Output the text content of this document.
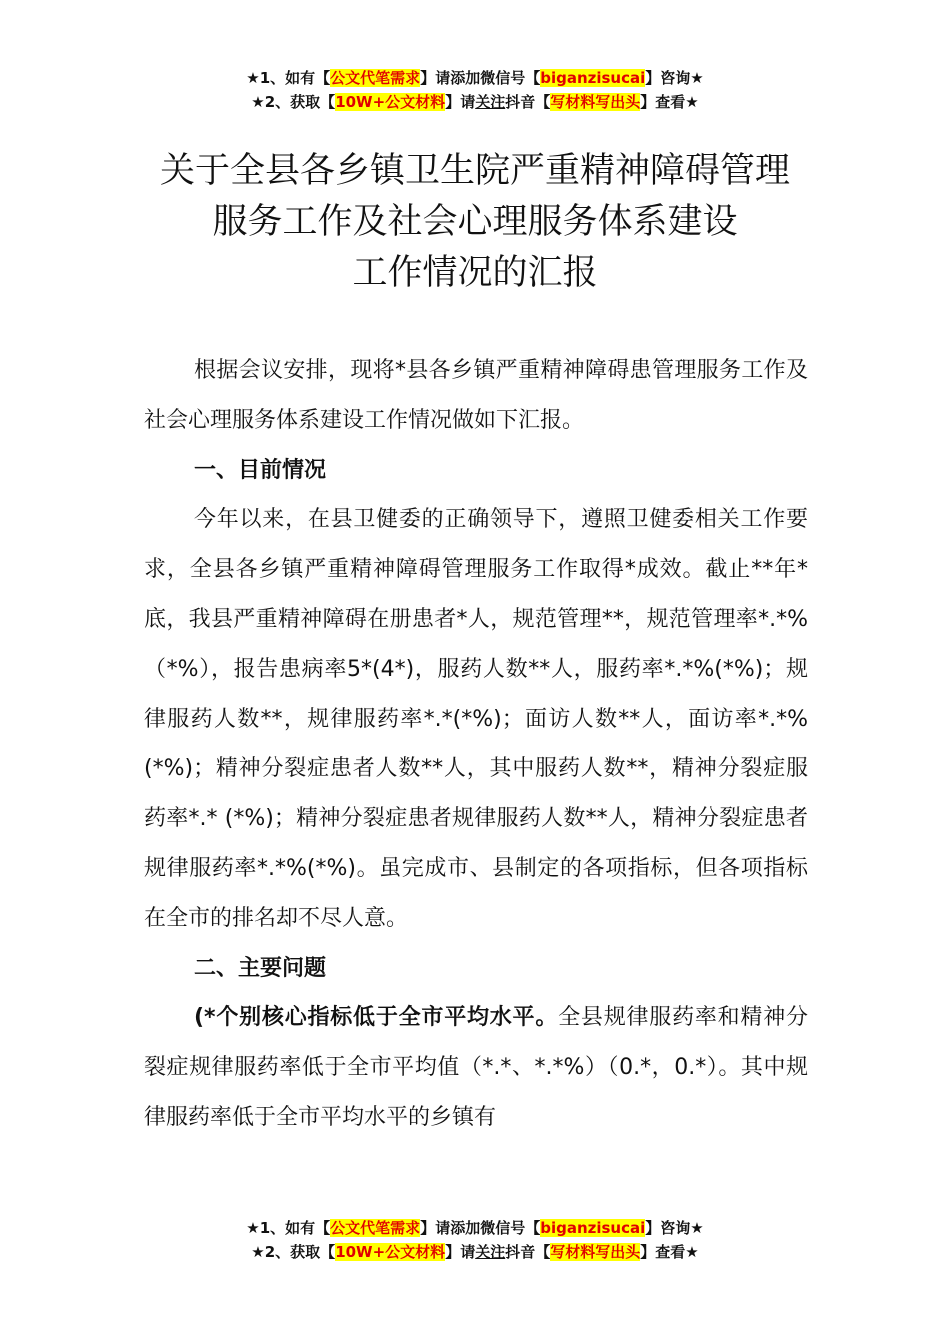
★1、如有【公文代笔需求】请添加微信号【biganzisucai】咨询★
★2、获取【10W+公文材料】请关注抖音【写材料写出头】查看★
关于全县各乡镇卫生院严重精神障碍管理
服务工作及社会心理服务体系建设
工作情况的汇报

根据会议安排，现将*县各乡镇严重精神障碍患管理服务工作及社会心理服务体系建设工作情况做如下汇报。

一、目前情况

今年以来，在县卫健委的正确领导下，遵照卫健委相关工作要求，全县各乡镇严重精神障碍管理服务工作取得*成效。截止**年*底，我县严重精神障碍在册患者*人，规范管理**，规范管理率*.*%（*%），报告患病率5*(4*)，服药人数**人，服药率*.*%(*%)；规律服药人数**，规律服药率*.*(*%)；面访人数**人，面访率*.*%(*%)；精神分裂症患者人数**人，其中服药人数**，精神分裂症服药率*.* (*%)；精神分裂症患者规律服药人数**人，精神分裂症患者规律服药率*.*%(*%)。虽完成市、县制定的各项指标，但各项指标在全市的排名却不尽人意。

二、主要问题

(*个别核心指标低于全市平均水平。全县规律服药率和精神分裂症规律服药率低于全市平均值（*.*、*.*%）（0.*，0.*）。其中规律服药率低于全市平均水平的乡镇有

★1、如有【公文代笔需求】请添加微信号【biganzisucai】咨询★
★2、获取【10W+公文材料】请关注抖音【写材料写出头】查看★
